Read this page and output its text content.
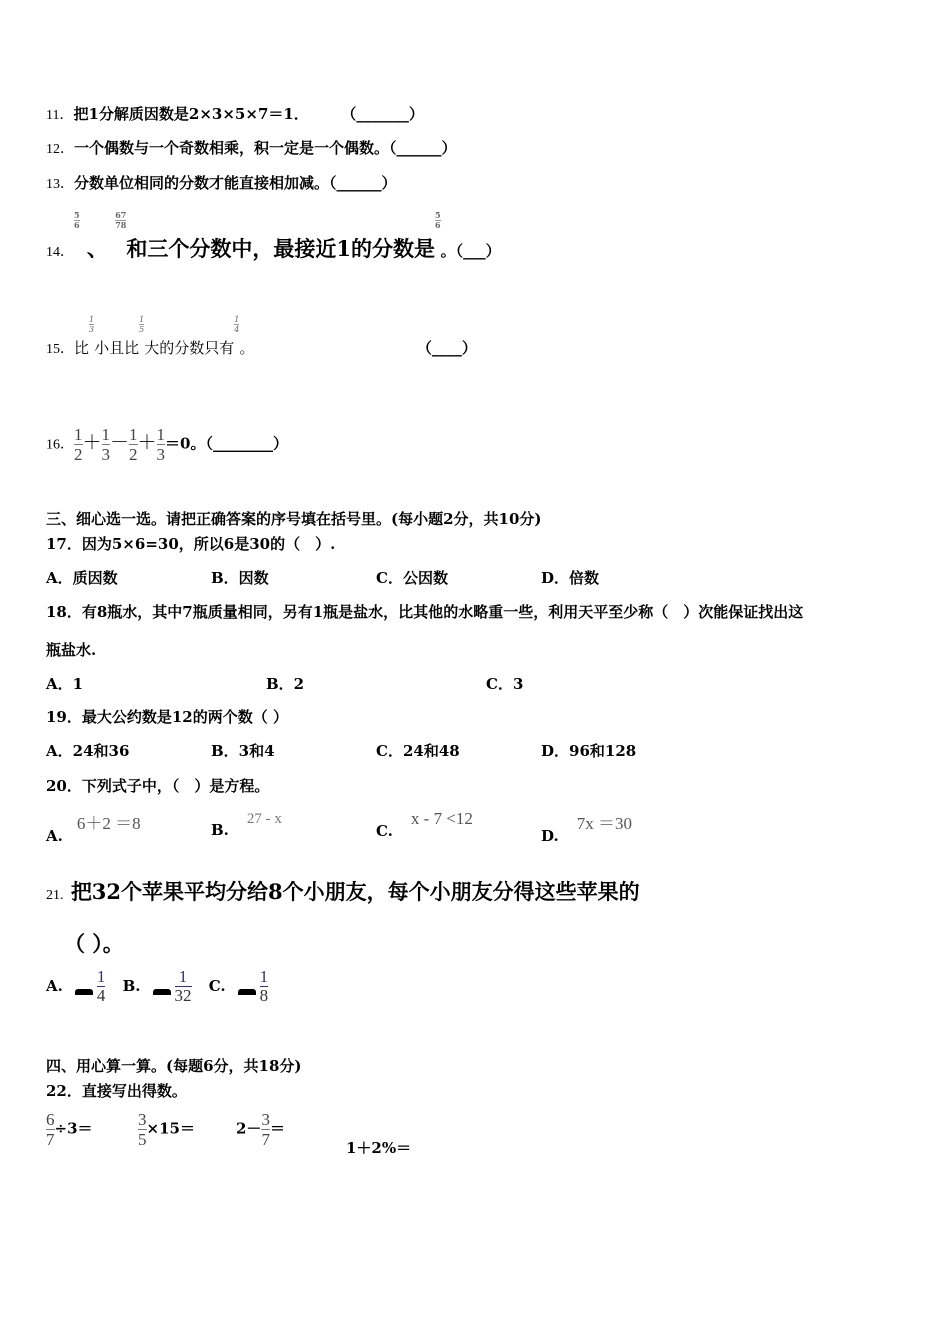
11．把1分解质因数是2×3×5×7＝1．	（_______）
12．一个偶数与一个奇数相乘，积一定是一个偶数。（______）
13．分数单位相同的分数才能直接相加减。（______）
14．
$\frac{5}{6}$
、
$\frac{6}{7} \frac{7}{8}$
和三个分数中，最接近1的分数是
$\frac{5}{6}$
。（___）
15．比
$\frac{1}{3}$
小且比
$\frac{1}{5}$
大的分数只有
$\frac{1}{4}$
。	（____）
16． $\frac{1}{2} + \frac{1}{3} - \frac{1}{2} + \frac{1}{3} =0$。（________）
三、细心选一选。请把正确答案的序号填在括号里。(每小题2分，共10分)
17．因为5×6=30，所以6是30的（　）.
A．质因数	B．因数	C．公因数	D．倍数
18．有8瓶水，其中7瓶质量相同，另有1瓶是盐水，比其他的水略重一些，利用天平至少称（　）次能保证找出这
瓶盐水.
A．1	B．2	C．3
19．最大公约数是12的两个数（ ）
A．24和36	B．3和4	C．24和48	D．96和128
20．下列式子中，（　）是方程。
A.6＋2 ＝8	B.27 - x
C.x - 7 <12
D.7x ＝30
21. 把32个苹果平均分给8个小朋友，每个小朋友分得这些苹果的
（ ）。
A. $\frac{1}{4} B$. $\frac{1}{32} C$. $\frac{1}{8}$
四、用心算一算。(每题6分，共18分)
22．直接写出得数。
$\frac{6}{7} \div 3=$	$\frac{3}{5} \times 15=$	$2- \frac{3}{7}$ ＝
1＋2%＝
